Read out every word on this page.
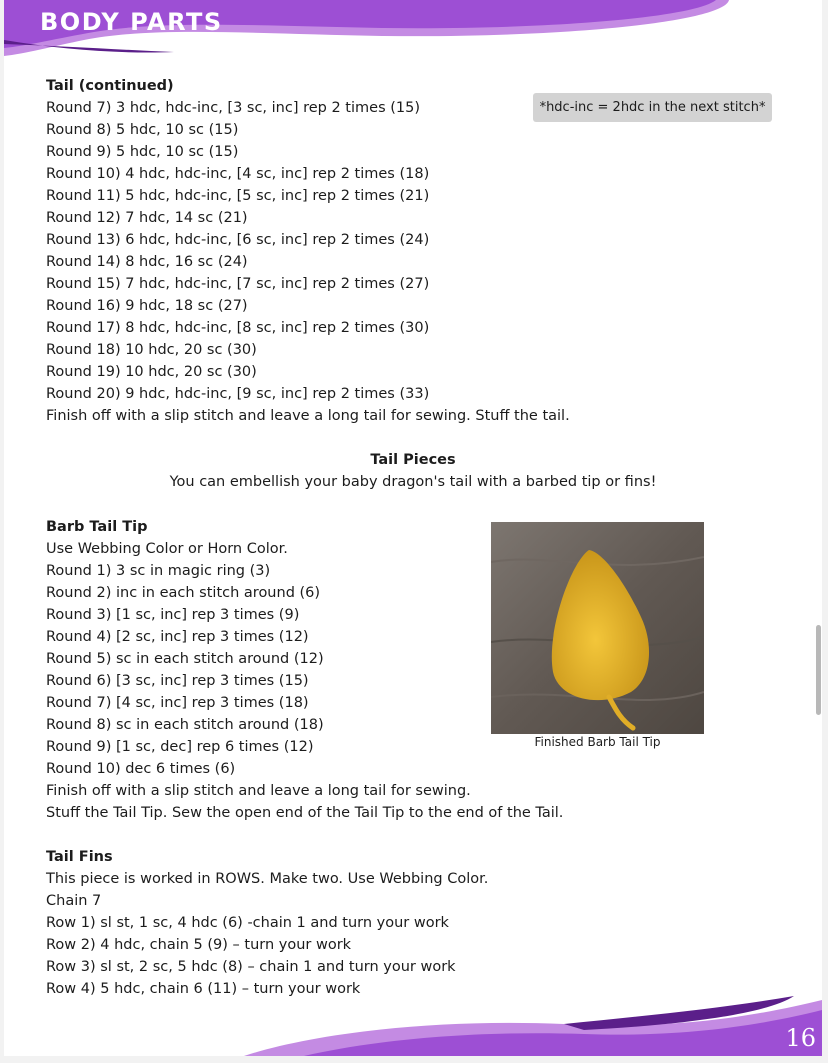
BODY PARTS
Tail (continued)
Round 7) 3 hdc, hdc-inc, [3 sc, inc] rep 2 times (15)
Round 8) 5 hdc, 10 sc (15)
Round 9) 5 hdc, 10 sc (15)
Round 10) 4 hdc, hdc-inc, [4 sc, inc] rep 2 times (18)
Round 11) 5 hdc, hdc-inc, [5 sc, inc] rep 2 times (21)
Round 12) 7 hdc, 14 sc (21)
Round 13) 6 hdc, hdc-inc, [6 sc, inc] rep 2 times (24)
Round 14) 8 hdc, 16 sc (24)
Round 15) 7 hdc, hdc-inc, [7 sc, inc] rep 2 times (27)
Round 16) 9 hdc, 18 sc (27)
Round 17) 8 hdc, hdc-inc, [8 sc, inc] rep 2 times (30)
Round 18) 10 hdc, 20 sc (30)
Round 19) 10 hdc, 20 sc (30)
Round 20) 9 hdc, hdc-inc, [9 sc, inc] rep 2 times (33)
Finish off with a slip stitch and leave a long tail for sewing. Stuff the tail.
*hdc-inc = 2hdc in the next stitch*
Tail Pieces
You can embellish your baby dragon's tail with a barbed tip or fins!
Barb Tail Tip
Use Webbing Color or Horn Color.
Round 1) 3 sc in magic ring (3)
Round 2) inc in each stitch around (6)
Round 3) [1 sc, inc] rep 3 times (9)
Round 4) [2 sc, inc] rep 3 times (12)
Round 5) sc in each stitch around (12)
Round 6) [3 sc, inc] rep 3 times (15)
Round 7) [4 sc, inc] rep 3 times (18)
Round 8) sc in each stitch around (18)
Round 9) [1 sc, dec] rep 6 times (12)
Round 10) dec 6 times (6)
Finish off with a slip stitch and leave a long tail for sewing.
Stuff the Tail Tip. Sew the open end of the Tail Tip to the end of the Tail.
Finished Barb Tail Tip
Tail Fins
This piece is worked in ROWS. Make two. Use Webbing Color.
Chain 7
Row 1) sl st, 1 sc, 4 hdc (6) -chain 1 and turn your work
Row 2) 4 hdc, chain 5 (9) – turn your work
Row 3) sl st, 2 sc, 5 hdc (8) – chain 1 and turn your work
Row 4) 5 hdc, chain 6 (11) – turn your work
16
